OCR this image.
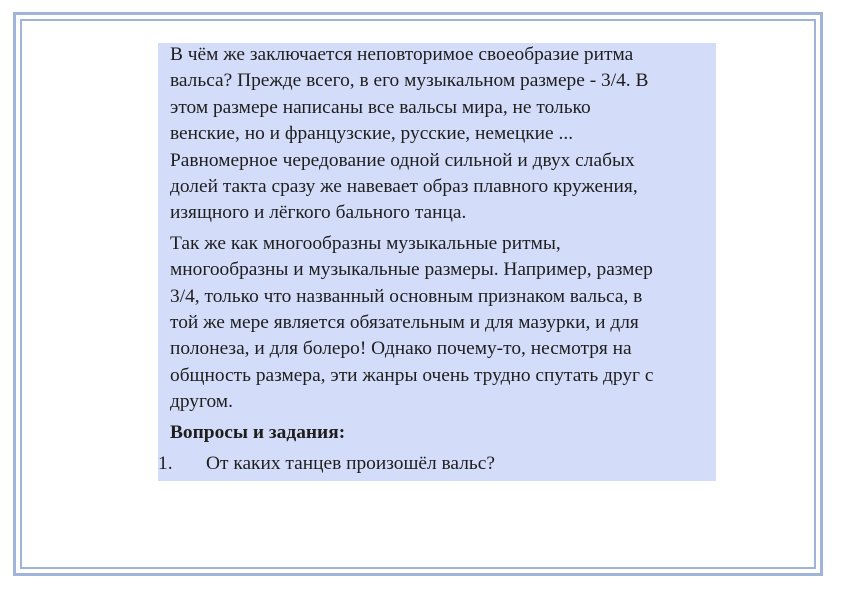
В чём же заключается неповторимое своеобразие ритма
вальса? Прежде всего, в его музыкальном размере - 3/4. В
этом размере написаны все вальсы мира, не только
венские, но и французские, русские, немецкие ...
Равномерное чередование одной сильной и двух слабых
долей такта сразу же навевает образ плавного кружения,
изящного и лёгкого бального танца.

Так же как многообразны музыкальные ритмы,
многообразны и музыкальные размеры. Например, размер
3/4, только что названный основным признаком вальса, в
той же мере является обязательным и для мазурки, и для
полонеза, и для болеро! Однако почему-то, несмотря на
общность размера, эти жанры очень трудно спутать друг с
другом.

Вопросы и задания:

1. От каких танцев произошёл вальс?
